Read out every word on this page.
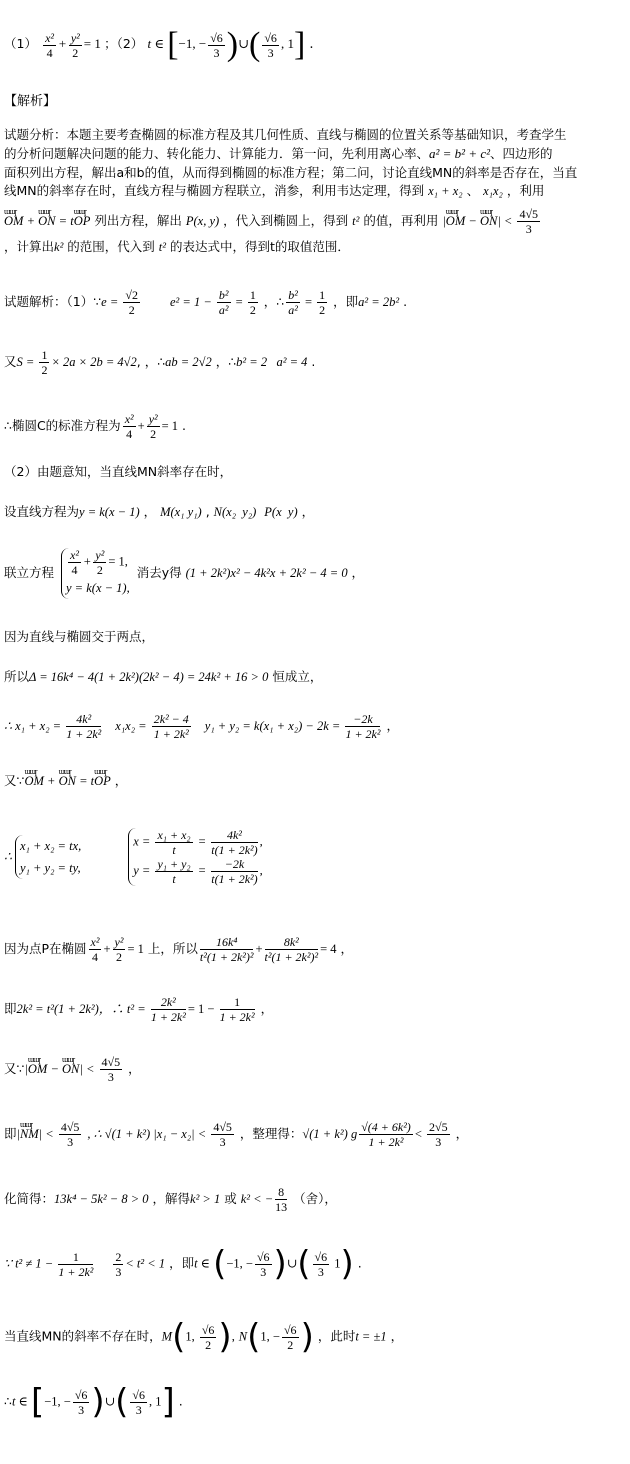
$(1) \frac{\text{x²}}{4} + \frac{\text{y²}}{2} = 1$ ；（2） t ∈ [−1, − $\frac{√6}{3}$ )∪( $\frac{√6}{3}$ , 1] .
【解析】
试题分析：本题主要考查椭圆的标准方程及其几何性质、直线与椭圆的位置关系等基础知识，考查学生
的分析问题解决问题的能力、转化能力、计算能力．第一问，先利用离心率、a² = b² + c²、四边形的
面积列出方程，解出a和b的值，从而得到椭圆的标准方程；第二问，讨论直线MN的斜率是否存在，当直
线MN的斜率存在时，直线方程与椭圆方程联立，消参，利用韦达定理，得到 x₁ + x₂ 、 x₁x₂ ，利用
ɯɯɼ OM + ɯɯɼ ON = tɯɯɼ OP 列出方程，解出 P(x, y) ，代入到椭圆上，得到 t² 的值，再利用 |ɯɯɼ OM − ɯɯɼ $ON| < \frac{4√5}{3}$
，计算出k² 的范围，代入到 t² 的表达式中，得到t的取值范围．
试题解析：（1）∵e = $\frac{√2}{2} e^2 = 1 - \frac{\text{b²}}{\text{a²}} = \frac{1}{2}$ ，∴ $\frac{\text{b²}}{\text{a²}} = \frac{1}{2}$ ，即a² = 2b² .
又$S = \frac{1}{2} \times 2a \times 2b = 4√2$, ，∴ab = 2√2 ，∴b² = 2   a² = 4 .
∴椭圆C的标准方程为 $\frac{\text{x²}}{4} + \frac{\text{y²}}{2} = 1$ .
（2）由题意知，当直线MN斜率存在时，
设直线方程为y = k(x − 1) ， M(x₁ y₁) , N(x₂  y₂) P(x  y) ，
联立方程 $\frac{\text{x²}}{4} + \frac{\text{y²}}{2} = 1$,
y = k(x − 1),
消去y得 (1 + 2k²)x² − 4k²x + 2k² − 4 = 0 ，
因为直线与椭圆交于两点，
所以Δ = 16k⁴ − 4(1 + 2k²)(2k² − 4) = 24k² + 16 > 0 恒成立，
∴ $x_1 + x_2 = \frac{\text{4k²}}{\text{1 + 2k²}} x_1x_2 = \frac{\text{2k² − 4}}{\text{1 + 2k²}} y_1 + y_2 = k(x_1 + x_2) - 2k = \frac{-2k}{\text{1 + 2k²}}$ ，
又∵ɯɯɼ OM + ɯɯɼ ON = tɯɯɼ OP ，
∴
x₁ + x₂ = tx,
y₁ + y₂ = ty,

$x = \frac{\text{x₁ + x₂}}{t} = \frac{\text{4k²}}{\text{t(1 + 2k²)}}$ ,
$y = \frac{\text{y₁ + y₂}}{t} = \frac{-2k}{\text{t(1 + 2k²)}}$ ,
因为点P在椭圆 $\frac{\text{x²}}{4} + \frac{\text{y²}}{2} = 1$ 上，所以 $\frac{\text{16k⁴}}{\text{t²(1 + 2k²)²}} + \frac{\text{8k²}}{\text{t²(1 + 2k²)²}} = 4$ ，
即2k² = t²(1 + 2k²)，∴ $t^2 = \frac{\text{2k²}}{\text{1 + 2k²}} = 1 - \frac{1}{\text{1 + 2k²}}$ ，
又∵|ɯɯɼ OM − ɯɯɼ $ON| < \frac{4√5}{3}$ ，
即|ɯɯɼ $NM| < \frac{4√5}{3}$ , ∴ √(1 + k²) $|x_1 - x_2| < \frac{4√5}{3}$ ，整理得：√(1 + k²) g $\frac{\text{√(4 + 6k²)}}{\text{1 + 2k²}} < \frac{2√5}{3}$ ，
化简得：13k⁴ − 5k² − 8 > 0 ，解得k² > 1 或 k² < − $\frac{8}{13}$ （舍），
∵ $t^2 \ne 1 - \frac{1}{\text{1 + 2k²}}$
$\frac{2}{3} < t^2 < 1$ ，即t ∈ (−1, − $\frac{√6}{3}$ )∪( $\frac{√6}{3} 1$) .
当直线MN的斜率不存在时，M(1, $\frac{√6}{2}$ ), N(1, − $\frac{√6}{2}$ ) ，此时t = ±1 ，
∴t ∈ [−1, − $\frac{√6}{3}$ )∪( $\frac{√6}{3}$ , 1] .
